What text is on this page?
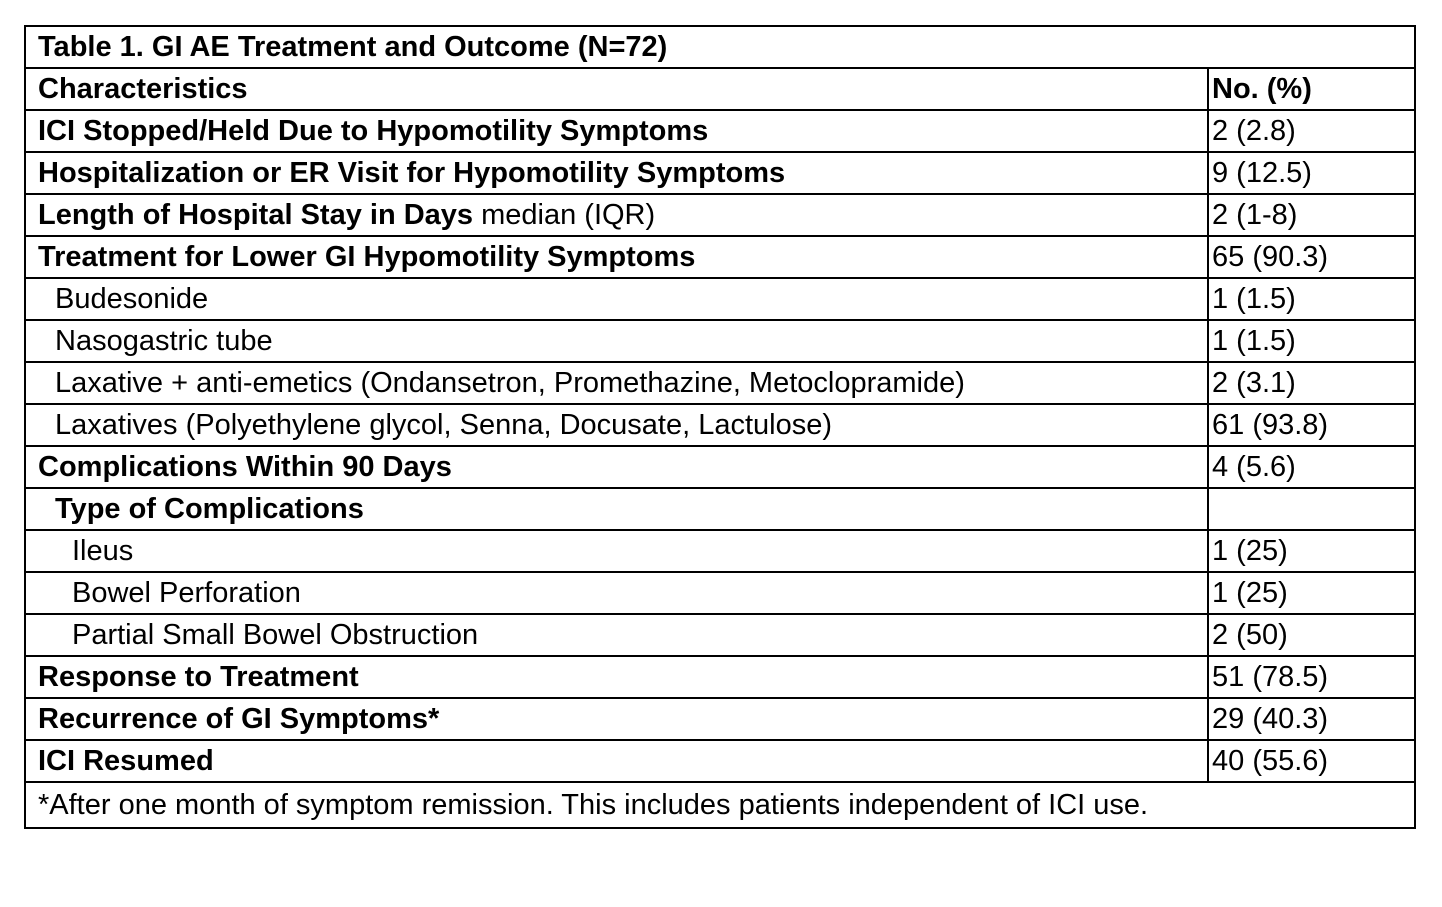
Table 1. GI AE Treatment and Outcome (N=72)	
Characteristics	No. (%)
ICI Stopped/Held Due to Hypomotility Symptoms	2 (2.8)
Hospitalization or ER Visit for Hypomotility Symptoms	9 (12.5)
Length of Hospital Stay in Days median (IQR)	2 (1-8)
Treatment for Lower GI Hypomotility Symptoms	65 (90.3)
Budesonide	1 (1.5)
Nasogastric tube	1 (1.5)
Laxative + anti-emetics (Ondansetron, Promethazine, Metoclopramide)	2 (3.1)
Laxatives (Polyethylene glycol, Senna, Docusate, Lactulose)	61 (93.8)
Complications Within 90 Days	4 (5.6)
Type of Complications	
Ileus	1 (25)
Bowel Perforation	1 (25)
Partial Small Bowel Obstruction	2 (50)
Response to Treatment	51 (78.5)
Recurrence of GI Symptoms*	29 (40.3)
ICI Resumed	40 (55.6)
*After one month of symptom remission. This includes patients independent of ICI use.	
